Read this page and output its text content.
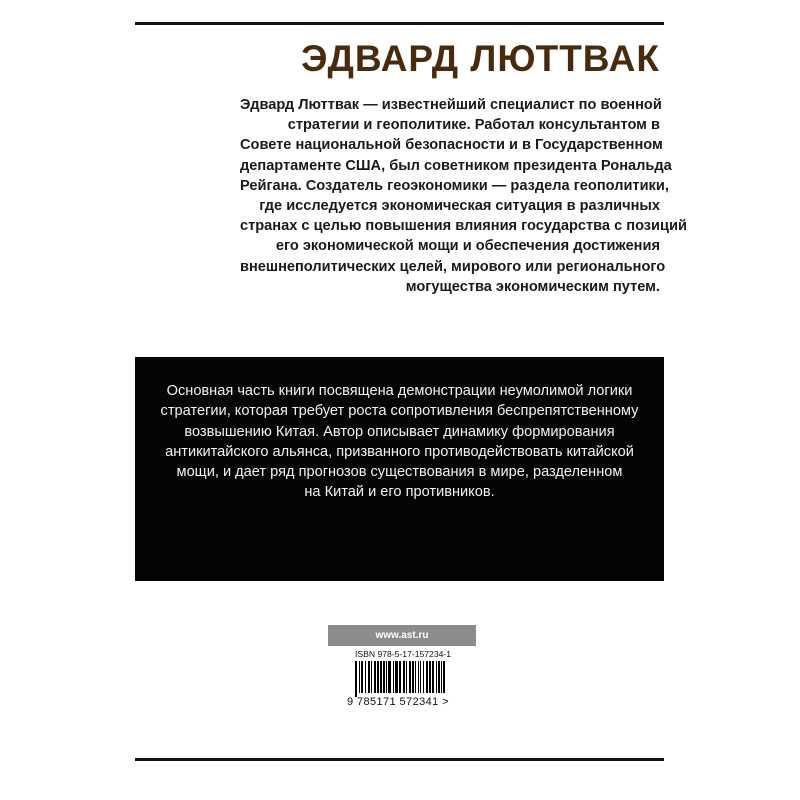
ЭДВАРД ЛЮТТВАК
Эдвард Люттвак — известнейший специалист по военной
стратегии и геополитике. Работал консультантом в
Совете национальной безопасности и в Государственном
департаменте США, был советником президента Рональда
Рейгана. Создатель геоэкономики — раздела геополитики,
где исследуется экономическая ситуация в различных
странах с целью повышения влияния государства с позиций
его экономической мощи и обеспечения достижения
внешнеполитических целей, мирового или регионального
могущества экономическим путем.
Основная часть книги посвящена демонстрации неумолимой логики
стратегии, которая требует роста сопротивления беспрепятственному
возвышению Китая. Автор описывает динамику формирования
антикитайского альянса, призванного противодействовать китайской
мощи, и дает ряд прогнозов существования в мире, разделенном
на Китай и его противников.
www.ast.ru
ISBN 978-5-17-157234-1
9 785171 572341 >
